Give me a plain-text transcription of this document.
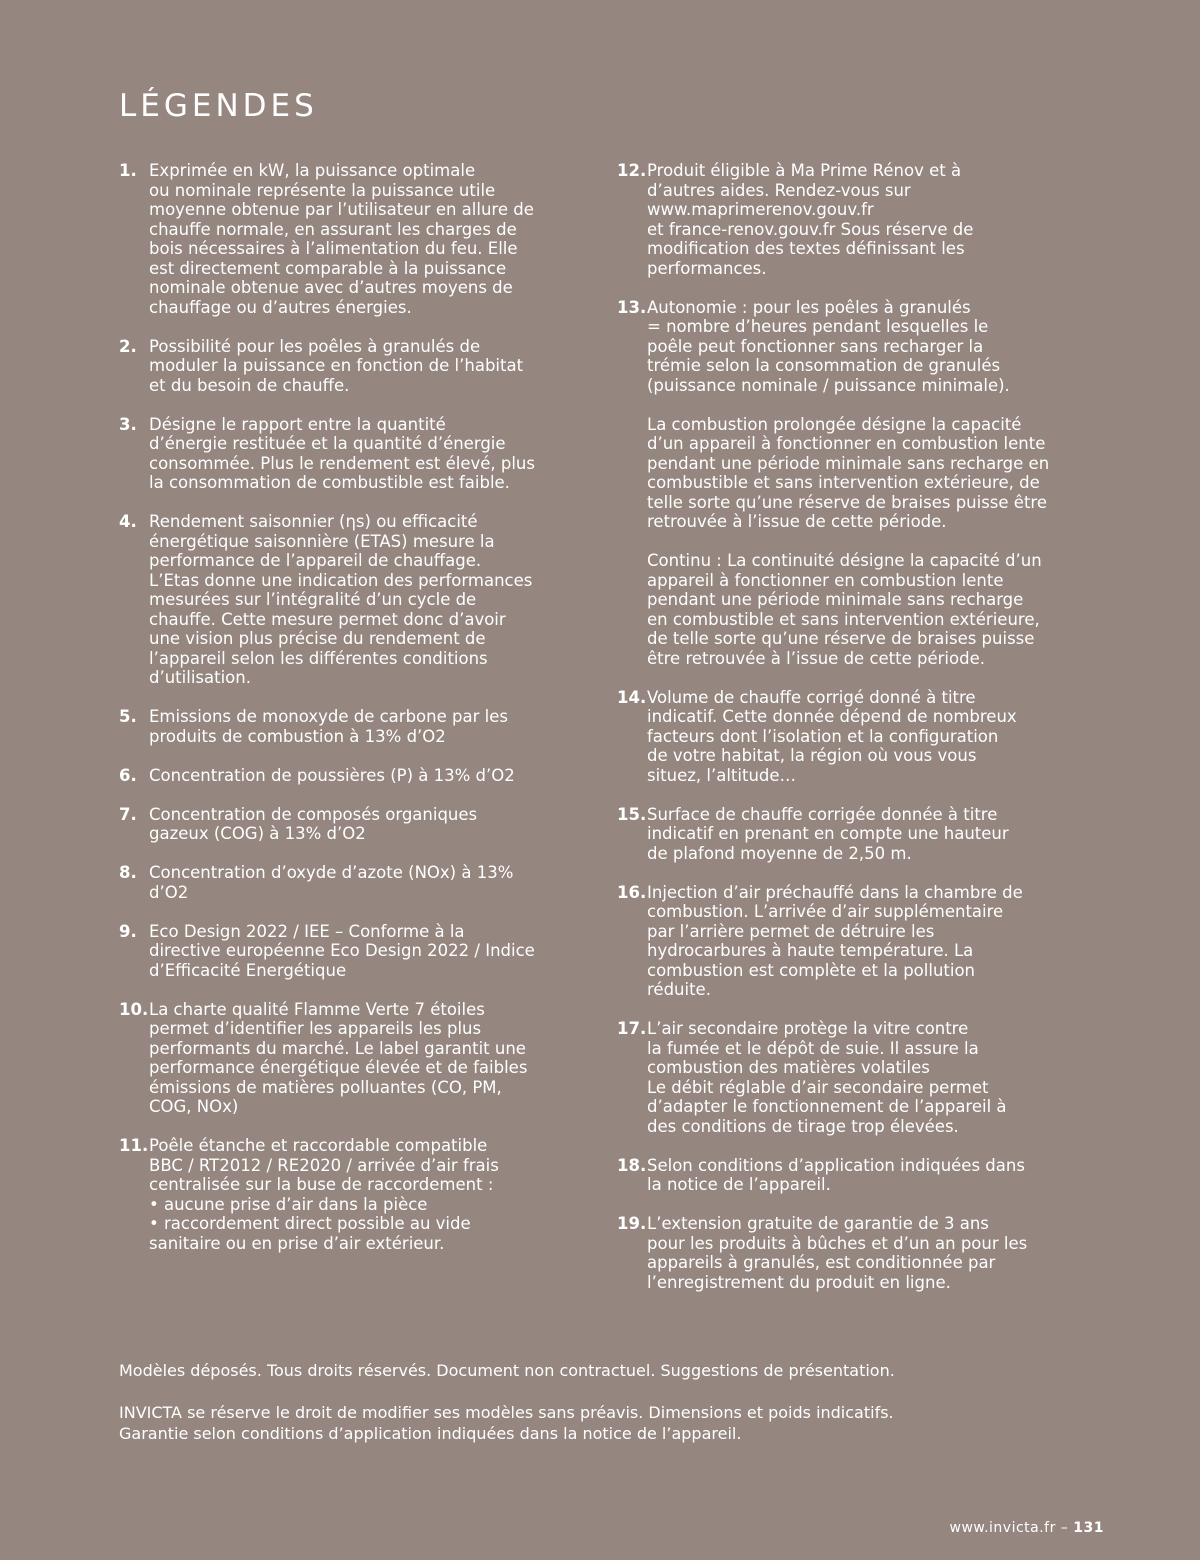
LÉGENDES
1. Exprimée en kW, la puissance optimale
ou nominale représente la puissance utile
moyenne obtenue par l’utilisateur en allure de
chauffe normale, en assurant les charges de
bois nécessaires à l’alimentation du feu. Elle
est directement comparable à la puissance
nominale obtenue avec d’autres moyens de
chauffage ou d’autres énergies.

2. Possibilité pour les poêles à granulés de
moduler la puissance en fonction de l’habitat
et du besoin de chauffe.

3. Désigne le rapport entre la quantité
d’énergie restituée et la quantité d’énergie
consommée. Plus le rendement est élevé, plus
la consommation de combustible est faible.

4. Rendement saisonnier (ηs) ou efficacité
énergétique saisonnière (ETAS) mesure la
performance de l’appareil de chauffage.
L’Etas donne une indication des performances
mesurées sur l’intégralité d’un cycle de
chauffe. Cette mesure permet donc d’avoir
une vision plus précise du rendement de
l’appareil selon les différentes conditions
d’utilisation.

5. Emissions de monoxyde de carbone par les
produits de combustion à 13% d’O2

6. Concentration de poussières (P) à 13% d’O2

7. Concentration de composés organiques
gazeux (COG) à 13% d’O2

8. Concentration d’oxyde d’azote (NOx) à 13%
d’O2

9. Eco Design 2022 / IEE – Conforme à la
directive européenne Eco Design 2022 / Indice
d’Efficacité Energétique

10. La charte qualité Flamme Verte 7 étoiles
permet d’identifier les appareils les plus
performants du marché. Le label garantit une
performance énergétique élevée et de faibles
émissions de matières polluantes (CO, PM,
COG, NOx)

11. Poêle étanche et raccordable compatible
BBC / RT2012 / RE2020 / arrivée d’air frais
centralisée sur la buse de raccordement :
• aucune prise d’air dans la pièce
• raccordement direct possible au vide
sanitaire ou en prise d’air extérieur.

12. Produit éligible à Ma Prime Rénov et à
d’autres aides. Rendez-vous sur
www.maprimerenov.gouv.fr
et france-renov.gouv.fr Sous réserve de
modification des textes définissant les
performances.

13. Autonomie : pour les poêles à granulés
= nombre d’heures pendant lesquelles le
poêle peut fonctionner sans recharger la
trémie selon la consommation de granulés
(puissance nominale / puissance minimale).

La combustion prolongée désigne la capacité
d’un appareil à fonctionner en combustion lente
pendant une période minimale sans recharge en
combustible et sans intervention extérieure, de
telle sorte qu’une réserve de braises puisse être
retrouvée à l’issue de cette période.

Continu : La continuité désigne la capacité d’un
appareil à fonctionner en combustion lente
pendant une période minimale sans recharge
en combustible et sans intervention extérieure,
de telle sorte qu’une réserve de braises puisse
être retrouvée à l’issue de cette période.

14. Volume de chauffe corrigé donné à titre
indicatif. Cette donnée dépend de nombreux
facteurs dont l’isolation et la configuration
de votre habitat, la région où vous vous
situez, l’altitude…

15. Surface de chauffe corrigée donnée à titre
indicatif en prenant en compte une hauteur
de plafond moyenne de 2,50 m.

16. Injection d’air préchauffé dans la chambre de
combustion. L’arrivée d’air supplémentaire
par l’arrière permet de détruire les
hydrocarbures à haute température. La
combustion est complète et la pollution
réduite.

17. L’air secondaire protège la vitre contre
la fumée et le dépôt de suie. Il assure la
combustion des matières volatiles
Le débit réglable d’air secondaire permet
d’adapter le fonctionnement de l’appareil à
des conditions de tirage trop élevées.

18. Selon conditions d’application indiquées dans
la notice de l’appareil.

19. L’extension gratuite de garantie de 3 ans
pour les produits à bûches et d’un an pour les
appareils à granulés, est conditionnée par
l’enregistrement du produit en ligne.

Modèles déposés. Tous droits réservés. Document non contractuel. Suggestions de présentation.

INVICTA se réserve le droit de modifier ses modèles sans préavis. Dimensions et poids indicatifs.
Garantie selon conditions d’application indiquées dans la notice de l’appareil.

www.invicta.fr – 131
